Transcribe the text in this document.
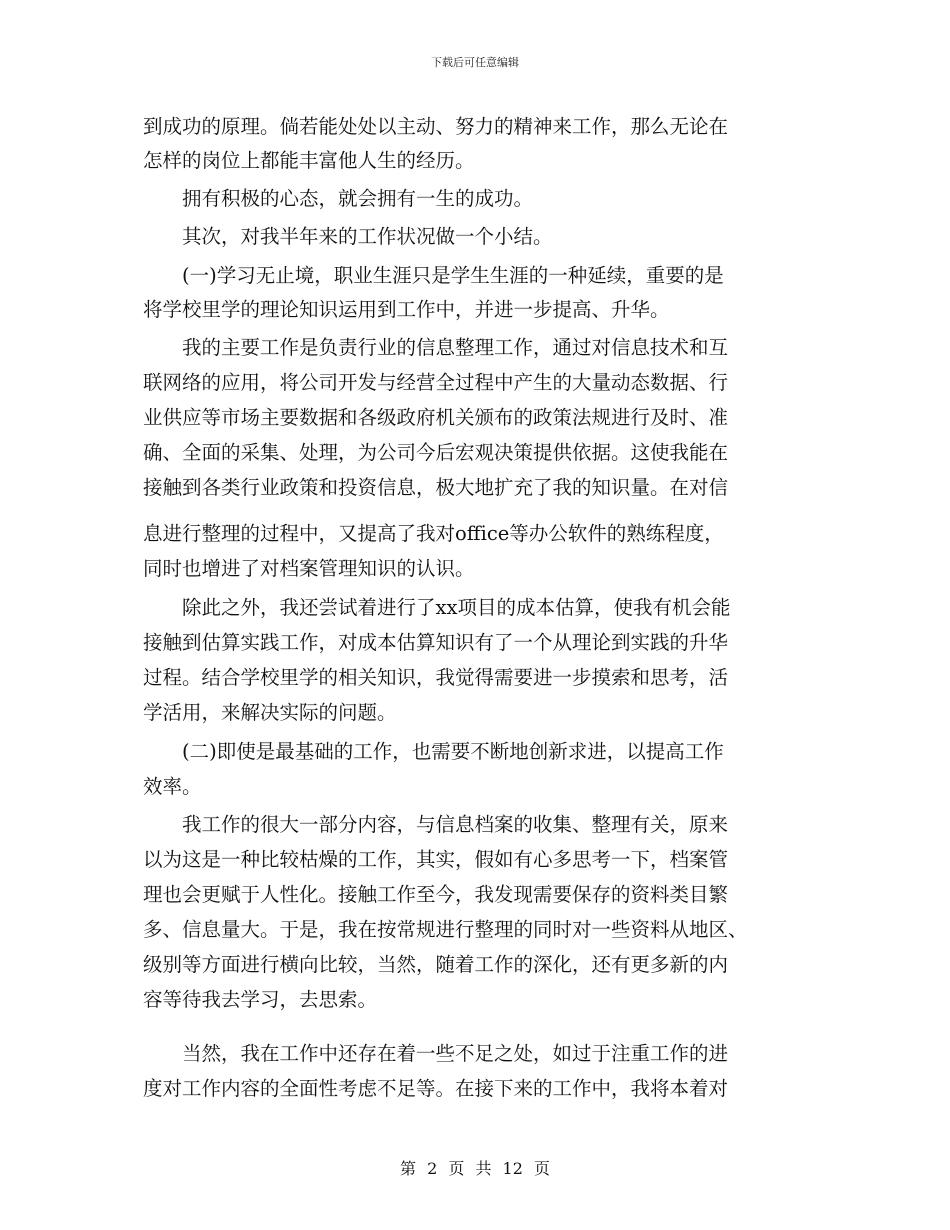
下载后可任意编辑
到成功的原理。倘若能处处以主动、努力的精神来工作，那么无论在
怎样的岗位上都能丰富他人生的经历。
　　拥有积极的心态，就会拥有一生的成功。
　　其次，对我半年来的工作状况做一个小结。
　　(一)学习无止境，职业生涯只是学生生涯的一种延续，重要的是
将学校里学的理论知识运用到工作中，并进一步提高、升华。
　　我的主要工作是负责行业的信息整理工作，通过对信息技术和互
联网络的应用，将公司开发与经营全过程中产生的大量动态数据、行
业供应等市场主要数据和各级政府机关颁布的政策法规进行及时、准
确、全面的采集、处理，为公司今后宏观决策提供依据。这使我能在
接触到各类行业政策和投资信息，极大地扩充了我的知识量。在对信
息进行整理的过程中，又提高了我对office等办公软件的熟练程度，
同时也增进了对档案管理知识的认识。
　　除此之外，我还尝试着进行了xx项目的成本估算，使我有机会能
接触到估算实践工作，对成本估算知识有了一个从理论到实践的升华
过程。结合学校里学的相关知识，我觉得需要进一步摸索和思考，活
学活用，来解决实际的问题。
　　(二)即使是最基础的工作，也需要不断地创新求进，以提高工作
效率。
　　我工作的很大一部分内容，与信息档案的收集、整理有关，原来
以为这是一种比较枯燥的工作，其实，假如有心多思考一下，档案管
理也会更赋于人性化。接触工作至今，我发现需要保存的资料类目繁
多、信息量大。于是，我在按常规进行整理的同时对一些资料从地区、
级别等方面进行横向比较，当然，随着工作的深化，还有更多新的内
容等待我去学习，去思索。
　　当然，我在工作中还存在着一些不足之处，如过于注重工作的进
度对工作内容的全面性考虑不足等。在接下来的工作中，我将本着对
第 2 页 共 12 页
